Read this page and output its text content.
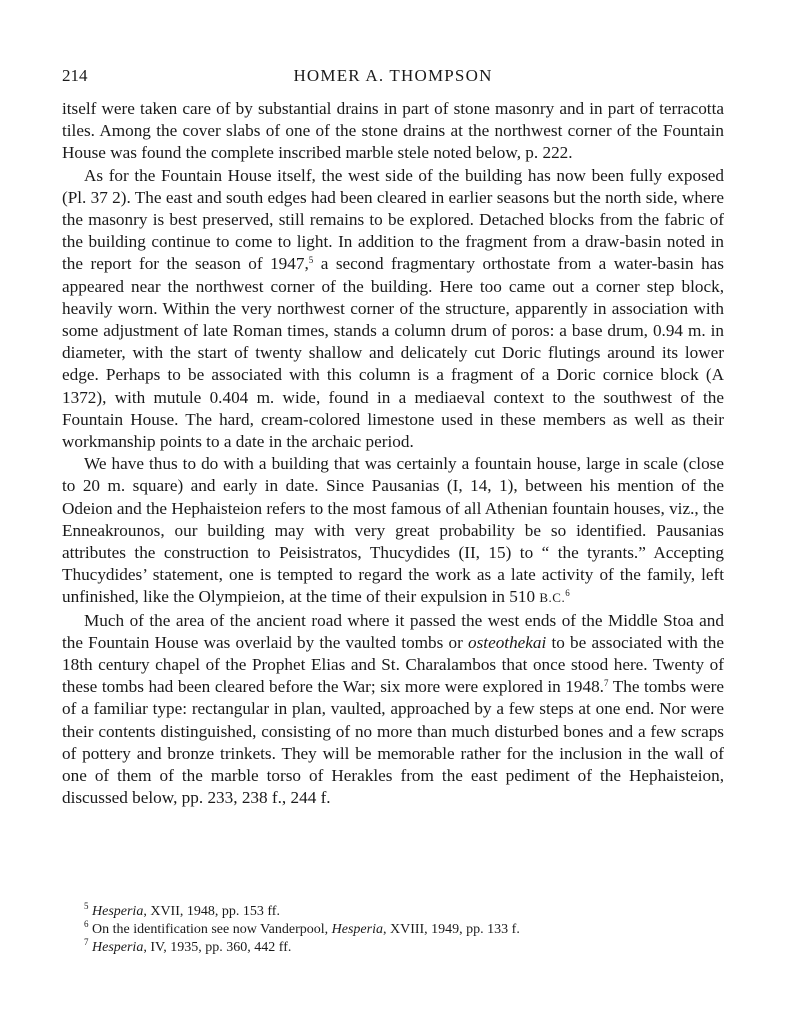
214	HOMER A. THOMPSON

itself were taken care of by substantial drains in part of stone masonry and in part of terracotta tiles. Among the cover slabs of one of the stone drains at the northwest corner of the Fountain House was found the complete inscribed marble stele noted below, p. 222.

As for the Fountain House itself, the west side of the building has now been fully exposed (Pl. 37 2). The east and south edges had been cleared in earlier seasons but the north side, where the masonry is best preserved, still remains to be explored. Detached blocks from the fabric of the building continue to come to light. In addition to the fragment from a draw-basin noted in the report for the season of 1947,$^5$ a second fragmentary orthostate from a water-basin has appeared near the northwest corner of the building. Here too came out a corner step block, heavily worn. Within the very northwest corner of the structure, apparently in association with some adjustment of late Roman times, stands a column drum of poros: a base drum, 0.94 m. in diameter, with the start of twenty shallow and delicately cut Doric flutings around its lower edge. Perhaps to be associated with this column is a fragment of a Doric cornice block (A 1372), with mutule 0.404 m. wide, found in a mediaeval context to the southwest of the Fountain House. The hard, cream-colored limestone used in these members as well as their workmanship points to a date in the archaic period.

We have thus to do with a building that was certainly a fountain house, large in scale (close to 20 m. square) and early in date. Since Pausanias (I, 14, 1), between his mention of the Odeion and the Hephaisteion refers to the most famous of all Athenian fountain houses, viz., the Enneakrounos, our building may with very great probability be so identified. Pausanias attributes the construction to Peisistratos, Thucydides (II, 15) to “ the tyrants.” Accepting Thucydides’ statement, one is tempted to regard the work as a late activity of the family, left unfinished, like the Olympieion, at the time of their expulsion in 510 B.C.$^6$

Much of the area of the ancient road where it passed the west ends of the Middle Stoa and the Fountain House was overlaid by the vaulted tombs or osteothekai to be associated with the 18th century chapel of the Prophet Elias and St. Charalambos that once stood here. Twenty of these tombs had been cleared before the War; six more were explored in 1948.$^7$ The tombs were of a familiar type: rectangular in plan, vaulted, approached by a few steps at one end. Nor were their contents distinguished, consisting of no more than much disturbed bones and a few scraps of pottery and bronze trinkets. They will be memorable rather for the inclusion in the wall of one of them of the marble torso of Herakles from the east pediment of the Hephaisteion, discussed below, pp. 233, 238 f., 244 f.

$^5$ Hesperia, XVII, 1948, pp. 153 ff.

$^6$ On the identification see now Vanderpool, Hesperia, XVIII, 1949, pp. 133 f.

$^7$ Hesperia, IV, 1935, pp. 360, 442 ff.
